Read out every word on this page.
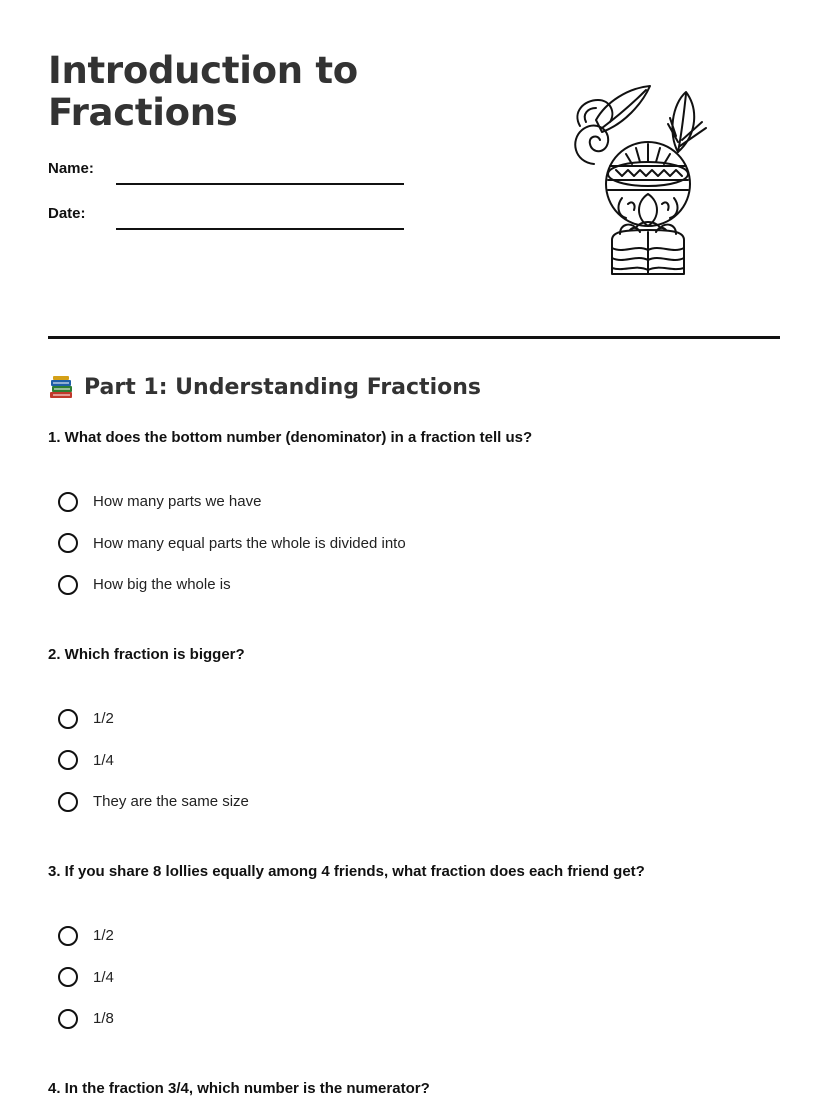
Introduction to
Fractions
Name:
Date:
Part 1: Understanding Fractions

1. What does the bottom number (denominator) in a fraction tell us?

How many parts we have
How many equal parts the whole is divided into
How big the whole is

2. Which fraction is bigger?

1/2
1/4
They are the same size

3. If you share 8 lollies equally among 4 friends, what fraction does each friend get?

1/2
1/4
1/8

4. In the fraction 3/4, which number is the numerator?
